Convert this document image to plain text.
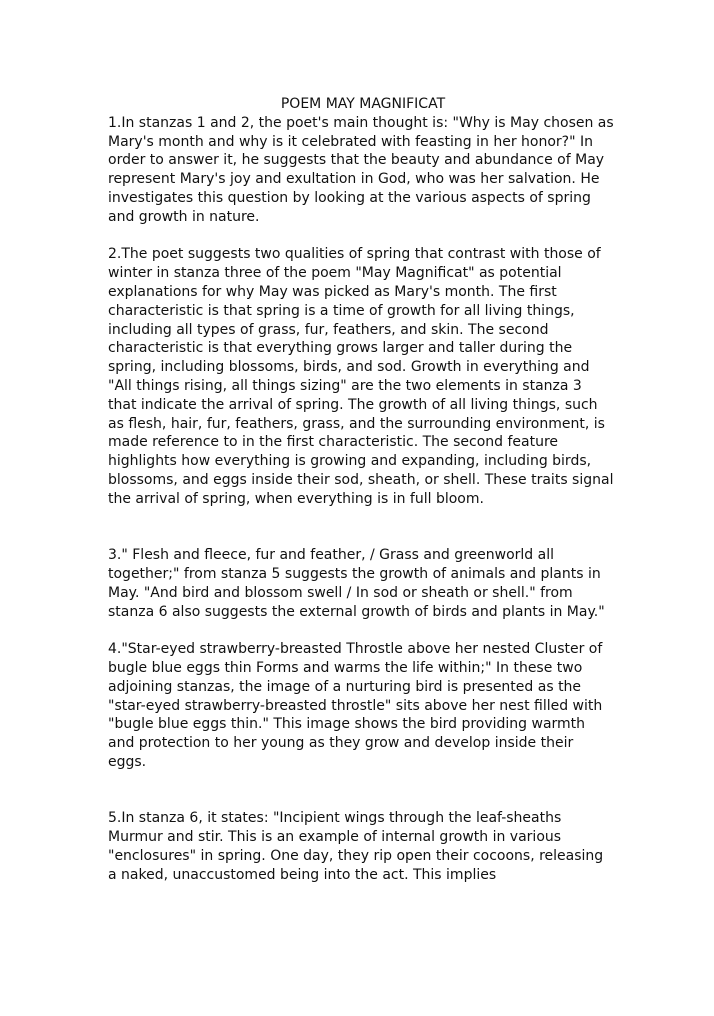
POEM MAY MAGNIFICAT

1.In stanzas 1 and 2, the poet's main thought is: "Why is May chosen as Mary's month and why is it celebrated with feasting in her honor?" In order to answer it, he suggests that the beauty and abundance of May represent Mary's joy and exultation in God, who was her salvation. He investigates this question by looking at the various aspects of spring and growth in nature.

2.The poet suggests two qualities of spring that contrast with those of winter in stanza three of the poem "May Magnificat" as potential explanations for why May was picked as Mary's month. The first characteristic is that spring is a time of growth for all living things, including all types of grass, fur, feathers, and skin. The second characteristic is that everything grows larger and taller during the spring, including blossoms, birds, and sod. Growth in everything and "All things rising, all things sizing" are the two elements in stanza 3 that indicate the arrival of spring. The growth of all living things, such as flesh, hair, fur, feathers, grass, and the surrounding environment, is made reference to in the first characteristic. The second feature highlights how everything is growing and expanding, including birds, blossoms, and eggs inside their sod, sheath, or shell. These traits signal the arrival of spring, when everything is in full bloom.

3." Flesh and fleece, fur and feather, / Grass and greenworld all together;" from stanza 5 suggests the growth of animals and plants in May. "And bird and blossom swell / In sod or sheath or shell." from stanza 6 also suggests the external growth of birds and plants in May."

4."Star-eyed strawberry-breasted Throstle above her nested Cluster of bugle blue eggs thin Forms and warms the life within;" In these two adjoining stanzas, the image of a nurturing bird is presented as the "star-eyed strawberry-breasted throstle" sits above her nest filled with "bugle blue eggs thin." This image shows the bird providing warmth and protection to her young as they grow and develop inside their eggs.

5.In stanza 6, it states: "Incipient wings through the leaf-sheaths Murmur and stir. This is an example of internal growth in various "enclosures" in spring. One day, they rip open their cocoons, releasing a naked, unaccustomed being into the act. This implies
